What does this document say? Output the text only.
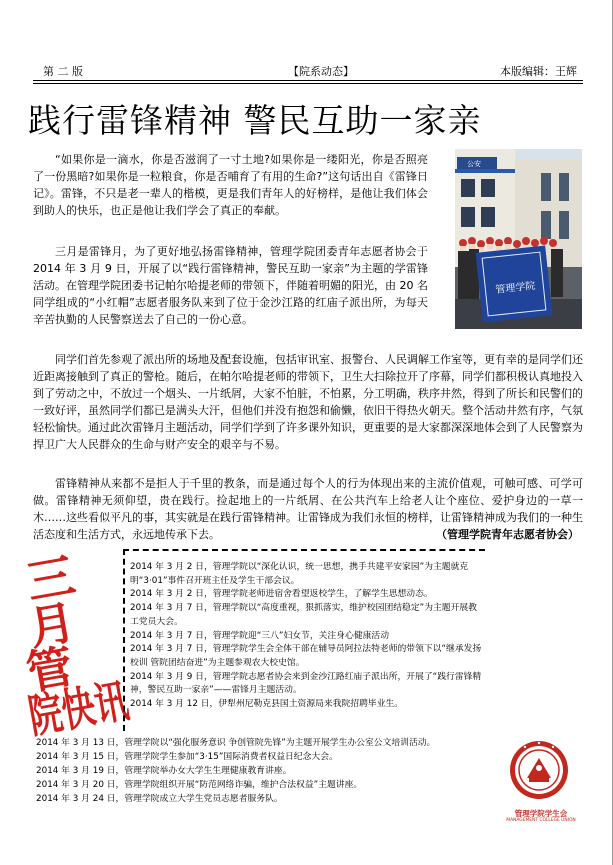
第 二 版	【院系动态】	本版编辑：王辉
践行雷锋精神 警民互助一家亲

“如果你是一滴水，你是否滋润了一寸土地?如果你是一缕阳光，你是否照亮了一份黑暗?如果你是一粒粮食，你是否哺育了有用的生命?”这句话出自《雷锋日记》。雷锋，不只是老一辈人的楷模，更是我们青年人的好榜样，是他让我们体会到助人的快乐，也正是他让我们学会了真正的奉献。

三月是雷锋月，为了更好地弘扬雷锋精神，管理学院团委青年志愿者协会于 2014 年 3 月 9 日，开展了以“践行雷锋精神，警民互助一家亲”为主题的学雷锋活动。在管理学院团委书记帕尔哈提老师的带领下，伴随着明媚的阳光，由 20 名同学组成的“小红帽”志愿者服务队来到了位于金沙江路的红庙子派出所，为每天辛苦执勤的人民警察送去了自己的一份心意。

同学们首先参观了派出所的场地及配套设施，包括审讯室、报警台、人民调解工作室等，更有幸的是同学们还近距离接触到了真正的警枪。随后，在帕尔哈提老师的带领下，卫生大扫除拉开了序幕，同学们都积极认真地投入到了劳动之中，不放过一个烟头、一片纸屑，大家不怕脏，不怕累，分工明确，秩序井然，得到了所长和民警们的一致好评，虽然同学们都已是满头大汗，但他们并没有抱怨和偷懒，依旧干得热火朝天。整个活动井然有序，气氛轻松愉快。通过此次雷锋月主题活动，同学们学到了许多课外知识，更重要的是大家都深深地体会到了人民警察为捍卫广大人民群众的生命与财产安全的艰辛与不易。

雷锋精神从来都不是拒人于千里的教条，而是通过每个人的行为体现出来的主流价值观，可触可感、可学可做。雷锋精神无须仰望，贵在践行。捡起地上的一片纸屑、在公共汽车上给老人让个座位、爱护身边的一草一木……这些看似平凡的事，其实就是在践行雷锋精神。让雷锋成为我们永恒的榜样，让雷锋精神成为我们的一种生活态度和生活方式，永远地传承下去。	（管理学院青年志愿者协会）

公安
管理学院
三
月
管
院快讯
2014 年 3 月 2 日，管理学院以“深化认识，统一思想，携手共建平安家园”为主题就克明“3·01”事件召开班主任及学生干部会议。
2014 年 3 月 2 日，管理学院老师进宿舍看望返校学生，了解学生思想动态。
2014 年 3 月 7 日，管理学院以“高度重视，狠抓落实，维护校园团结稳定”为主题开展教工党员大会。
2014 年 3 月 7 日，管理学院迎“三八”妇女节，关注身心健康活动
2014 年 3 月 7 日，管理学院学生会全体干部在辅导员阿拉法特老师的带领下以“继承发扬校训 管院团结奋进”为主题参观农大校史馆。
2014 年 3 月 9 日，管理学院志愿者协会来到金沙江路红庙子派出所，开展了“践行雷锋精神，警民互助一家亲”——雷锋月主题活动。
2014 年 3 月 12 日，伊犁州尼勒克县国土资源局来我院招聘毕业生。
2014 年 3 月 13 日，管理学院以“强化服务意识 争创管院先锋”为主题开展学生办公室公文培训活动。
2014 年 3 月 15 日，管理学院学生参加“3·15”国际消费者权益日纪念大会。
2014 年 3 月 19 日，管理学院举办女大学生生理健康教育讲座。
2014 年 3 月 20 日，管理学院组织开展“防范网络诈骗，维护合法权益”主题讲座。
2014 年 3 月 24 日，管理学院成立大学生党员志愿者服务队。
管理学院学生会
MANAGEMENT COLLEGE UNION
